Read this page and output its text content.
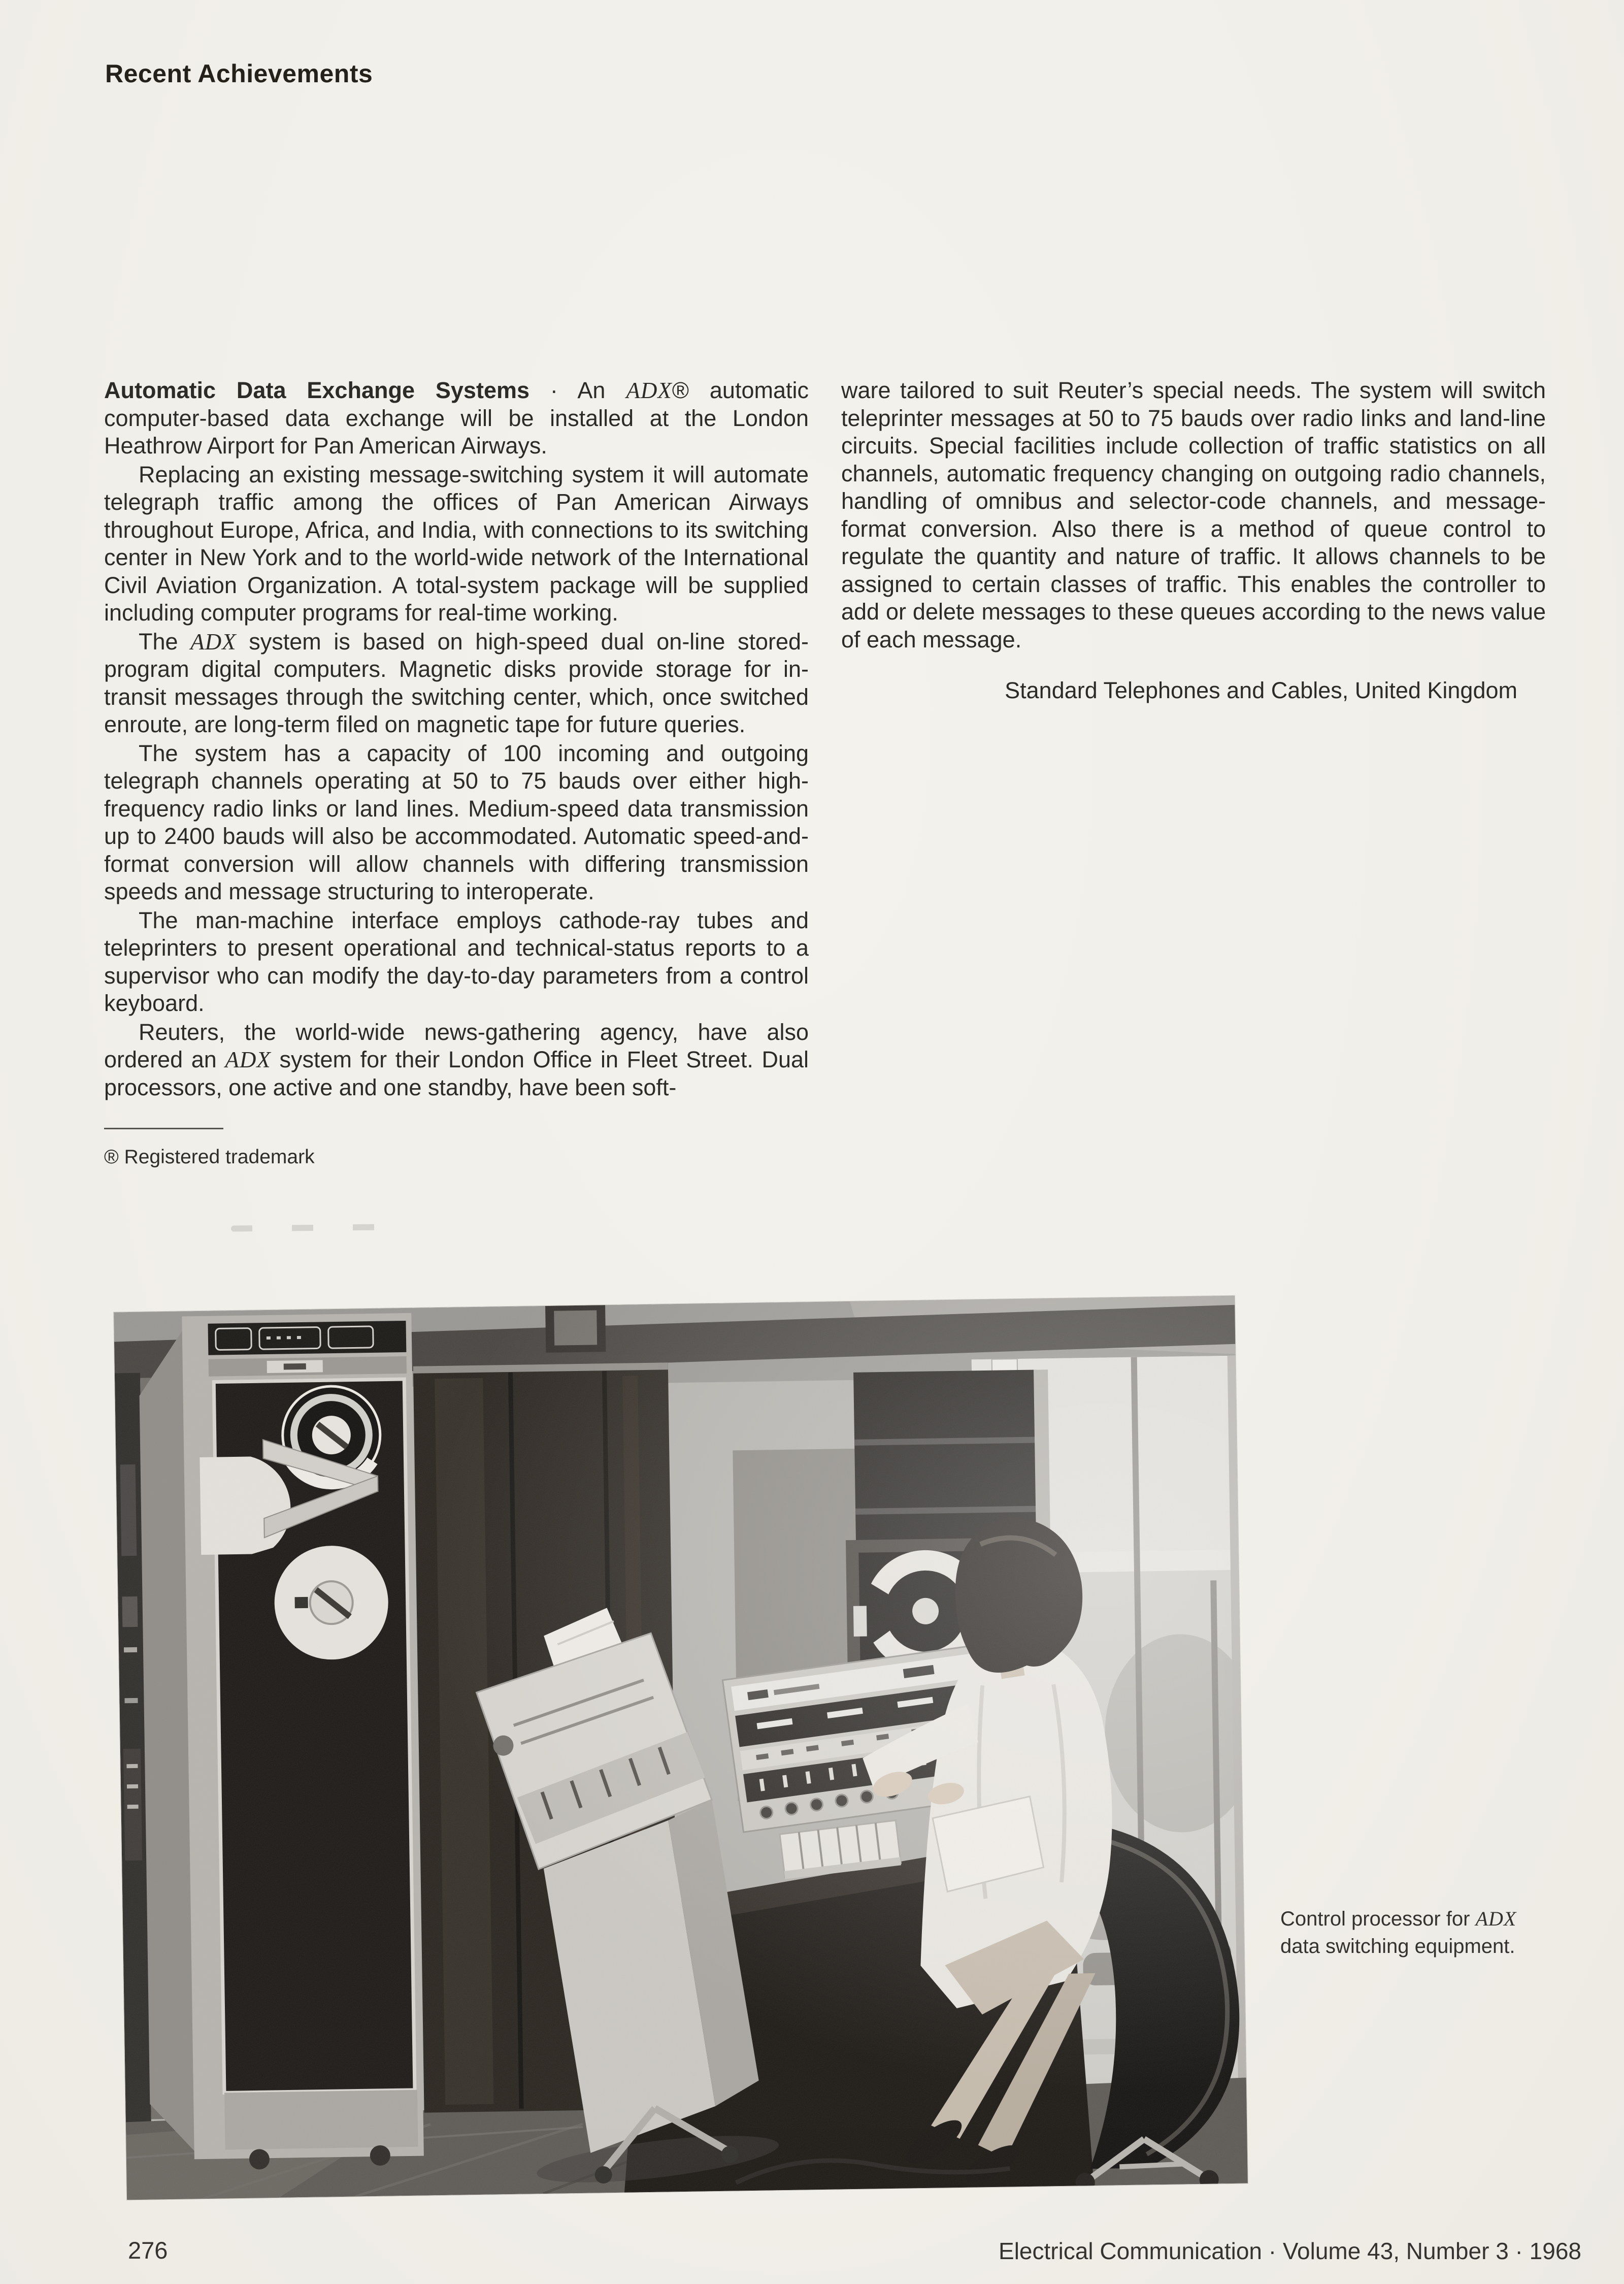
Recent Achievements

Automatic Data Exchange Systems · An ADX® automatic computer-based data exchange will be installed at the London Heathrow Airport for Pan American Airways.

Replacing an existing message-switching system it will automate telegraph traffic among the offices of Pan American Airways throughout Europe, Africa, and India, with connections to its switching center in New York and to the world-wide network of the International Civil Aviation Organization. A total-system package will be supplied including computer programs for real-time working.

The ADX system is based on high-speed dual on-line stored-program digital computers. Magnetic disks provide storage for in-transit messages through the switching center, which, once switched enroute, are long-term filed on magnetic tape for future queries.

The system has a capacity of 100 incoming and outgoing telegraph channels operating at 50 to 75 bauds over either high-frequency radio links or land lines. Medium-speed data transmission up to 2400 bauds will also be accommodated. Automatic speed-and-format conversion will allow channels with differing transmission speeds and message structuring to interoperate.

The man-machine interface employs cathode-ray tubes and teleprinters to present operational and technical-status reports to a supervisor who can modify the day-to-day parameters from a control keyboard.

Reuters, the world-wide news-gathering agency, have also ordered an ADX system for their London Office in Fleet Street. Dual processors, one active and one standby, have been soft-

® Registered trademark

ware tailored to suit Reuter’s special needs. The system will switch teleprinter messages at 50 to 75 bauds over radio links and land-line circuits. Special facilities include collection of traffic statistics on all channels, automatic frequency changing on outgoing radio channels, handling of omnibus and selector-code channels, and message-format conversion. Also there is a method of queue control to regulate the quantity and nature of traffic. It allows channels to be assigned to certain classes of traffic. This enables the controller to add or delete messages to these queues according to the news value of each message.

Standard Telephones and Cables, United Kingdom
Control processor for ADX data switching equipment.
276	Electrical Communication · Volume 43, Number 3 · 1968
